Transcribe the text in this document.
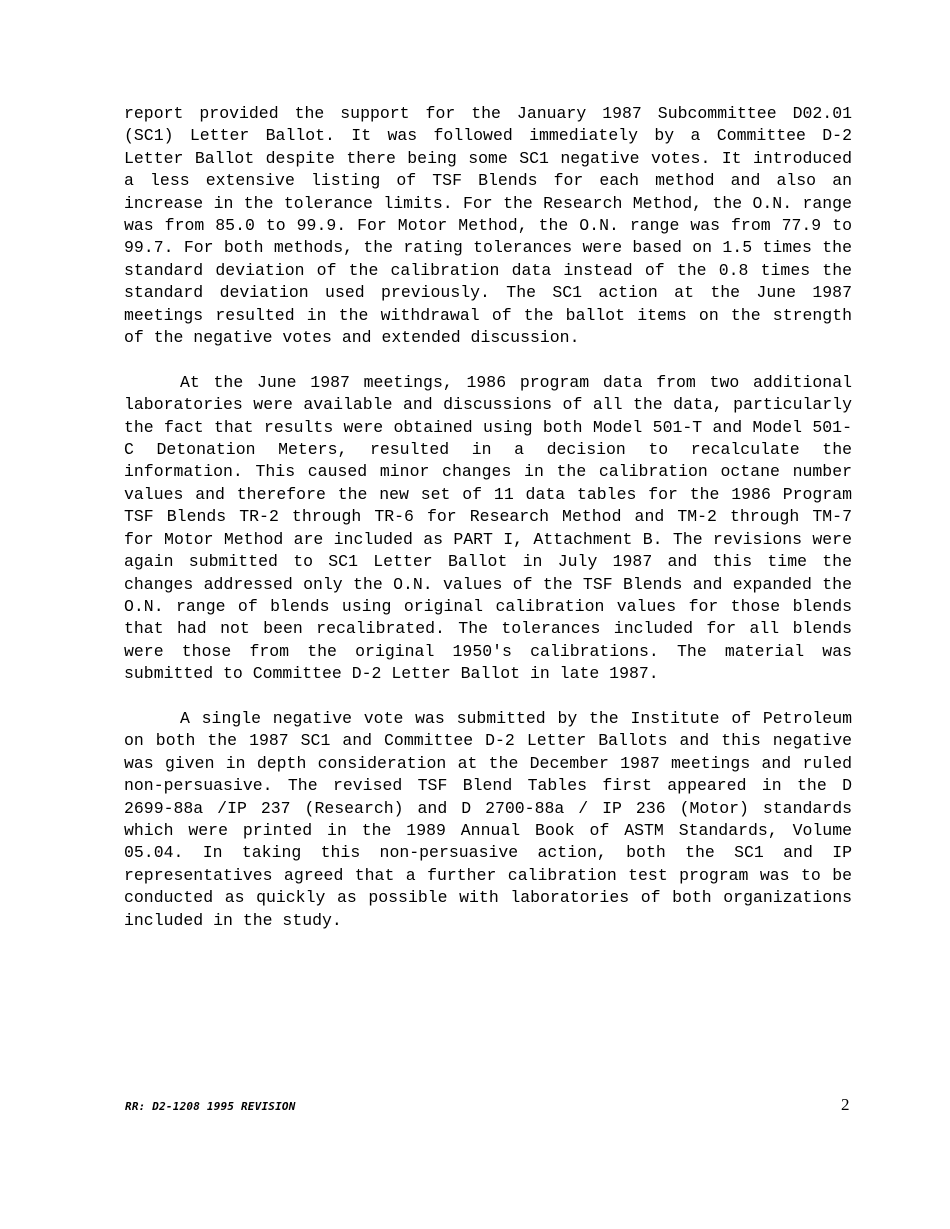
report provided the support for the January 1987 Subcommittee D02.01 (SC1) Letter Ballot. It was followed immediately by a Committee D-2 Letter Ballot despite there being some SC1 negative votes. It introduced a less extensive listing of TSF Blends for each method and also an increase in the tolerance limits. For the Research Method, the O.N. range was from 85.0 to 99.9. For Motor Method, the O.N. range was from 77.9 to 99.7. For both methods, the rating tolerances were based on 1.5 times the standard deviation of the calibration data instead of the 0.8 times the standard deviation used previously. The SC1 action at the June 1987 meetings resulted in the withdrawal of the ballot items on the strength of the negative votes and extended discussion.

At the June 1987 meetings, 1986 program data from two additional laboratories were available and discussions of all the data, particularly the fact that results were obtained using both Model 501-T and Model 501-C Detonation Meters, resulted in a decision to recalculate the information. This caused minor changes in the calibration octane number values and therefore the new set of 11 data tables for the 1986 Program TSF Blends TR-2 through TR-6 for Research Method and TM-2 through TM-7 for Motor Method are included as PART I, Attachment B. The revisions were again submitted to SC1 Letter Ballot in July 1987 and this time the changes addressed only the O.N. values of the TSF Blends and expanded the O.N. range of blends using original calibration values for those blends that had not been recalibrated. The tolerances included for all blends were those from the original 1950's calibrations. The material was submitted to Committee D-2 Letter Ballot in late 1987.

A single negative vote was submitted by the Institute of Petroleum on both the 1987 SC1 and Committee D-2 Letter Ballots and this negative was given in depth consideration at the December 1987 meetings and ruled non-persuasive. The revised TSF Blend Tables first appeared in the D 2699-88a /IP 237 (Research) and D 2700-88a / IP 236 (Motor) standards which were printed in the 1989 Annual Book of ASTM Standards, Volume 05.04. In taking this non-persuasive action, both the SC1 and IP representatives agreed that a further calibration test program was to be conducted as quickly as possible with laboratories of both organizations included in the study.

RR: D2-1208 1995 REVISION	2
